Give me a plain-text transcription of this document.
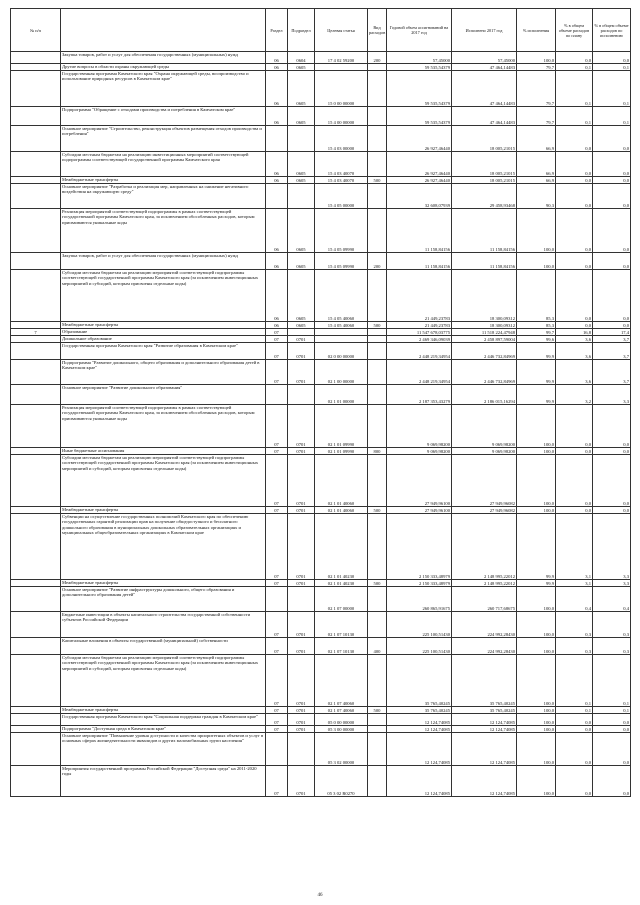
№ п/п		Раздел	Подраздел	Целевая статья	Вид расходов	Годовой объем ассигнований на 2017 год	Исполнено 2017 год	% исполнения	% в общем объеме расходов по плану	% в общем объеме расходов по исполнению
	Закупка товаров, работ и услуг для обеспечения государственных (муниципальных) нужд	06	0604	17 4 02 59200	200	57,45000	57,45000	100,0	0,0	0,0
	Другие вопросы в области охраны окружающей среды	06	0605			59 535,54379	47 464,14483	79,7	0,1	0,1
	Государственная программа Камчатского края "Охрана окружающей среды, воспроизводство и использование природных ресурсов в Камчатском крае"	06	0605	15 0 00 00000		59 535,54379	47 464,14483	79,7	0,1	0,1
	Подпрограмма "Обращение с отходами производства и потребления в Камчатском крае"	06	0605	15 4 00 00000		59 535,54379	47 464,14483	79,7	0,1	0,1
	Основное мероприятие "Строительство, реконструкция объектов размещения отходов производства и потребления"			15 4 03 00000		26 927,46440	18 005,21015	66,9	0,0	0,0
	Субсидии местным бюджетам на реализацию инвестиционных мероприятий соответствующей подпрограммы соответствующей государственной программы Камчатского края	06	0605	15 4 03 40070		26 927,46440	18 005,21015	66,9	0,0	0,0
	Межбюджетные трансферты	06	0605	15 4 03 40070	500	26 927,46440	18 005,21015	66,9	0,0	0,0
	Основное мероприятие "Разработка и реализация мер, направленных на снижение негативного воздействия на окружающую среду"			15 4 05 00000		32 608,07939	29 458,93468	90,3	0,0	0,0
	Реализация мероприятий соответствующей подпрограммы в рамках соответствующей государственной программы Камчатского края, за исключением обособленных расходов, которым присваиваются уникальные коды	06	0605	15 4 05 09990		11 158,84156	11 158,84156	100,0	0,0	0,0
	Закупка товаров, работ и услуг для обеспечения государственных (муниципальных) нужд	06	0605	15 4 05 09990	200	11 158,84156	11 158,84156	100,0	0,0	0,0
	Субсидии местным бюджетам на реализацию мероприятий соответствующей подпрограммы соответствующей государственной программы Камчатского края (за исключением инвестиционных мероприятий и субсидий, которым присвоены отдельные коды)	06	0605	15 4 05 40060		21 449,23783	18 300,09312	85,3	0,0	0,0
	Межбюджетные трансферты	06	0605	15 4 05 40060	500	21 449,23783	18 300,09312	85,3	0,0	0,0
7	Образование	07				11 547 678,03775	11 518 224,47948	99,7	16,8	17,4
	Дошкольное образование	07	0701			2 469 346,09039	2 458 897,59004	99,6	3,6	3,7
	Государственная программа Камчатского края "Развитие образования в Камчатском крае"	07	0701	02 0 00 00000		2 448 219,34954	2 446 732,84969	99,9	3,6	3,7
	Подпрограмма "Развитие дошкольного, общего образования и дополнительного образования детей в Камчатском крае"	07	0701	02 1 00 00000		2 448 219,34954	2 446 732,84969	99,9	3,6	3,7
	Основное мероприятие "Развитие дошкольного образования"			02 1 01 00000		2 187 353,43279	2 186 015,16294	99,9	3,2	3,3
	Реализация мероприятий соответствующей подпрограммы в рамках соответствующей государственной программы Камчатского края, за исключением обособленных расходов, которым присваиваются уникальные коды	07	0701	02 1 01 09990		9 069,98200	9 069,98200	100,0	0,0	0,0
	Иные бюджетные ассигнования	07	0701	02 1 01 09990	800	9 069,98200	9 069,98200	100,0	0,0	0,0
	Субсидии местным бюджетам на реализацию мероприятий соответствующей подпрограммы соответствующей государственной программы Камчатского края (за исключением инвестиционных мероприятий и субсидий, которым присвоены отдельные коды)	07	0701	02 1 01 40060		27 949,96100	27 949,96082	100,0	0,0	0,0
	Межбюджетные трансферты	07	0701	02 1 01 40060	500	27 949,96100	27 949,96082	100,0	0,0	0,0
	Субвенции на осуществление государственных полномочий Камчатского края по обеспечению государственных гарантий реализации прав на получение общедоступного и бесплатного дошкольного образования в муниципальных дошкольных образовательных организациях и муниципальных общеобразовательных организациях в Камчатском крае	07	0701	02 1 01 40230		2 150 333,48979	2 148 995,22012	99,9	3,1	3,3
	Межбюджетные трансферты	07	0701	02 1 01 40230	500	2 150 333,48979	2 148 995,22012	99,9	3,1	3,3
	Основное мероприятие "Развитие инфраструктуры дошкольного, общего образования и дополнительного образования детей"			02 1 07 00000		260 865,91675	260 717,68675	100,0	0,4	0,4
	Бюджетные инвестиции в объекты капитального строительства государственной собственности субъектов Российской Федерации	07	0701	02 1 07 10130		225 100,51430	224 992,28430	100,0	0,3	0,3
	Капитальные вложения в объекты государственной (муниципальной) собственности	07	0701	02 1 07 10130	400	225 100,51430	224 992,28430	100,0	0,3	0,3
	Субсидии местным бюджетам на реализацию мероприятий соответствующей подпрограммы соответствующей государственной программы Камчатского края (за исключением инвестиционных мероприятий и субсидий, которым присвоены отдельные коды)	07	0701	02 1 07 40060		35 765,40245	35 765,40245	100,0	0,1	0,1
	Межбюджетные трансферты	07	0701	02 1 07 40060	500	35 765,40245	35 765,40245	100,0	0,1	0,1
	Государственная программа Камчатского края "Социальная поддержка граждан в Камчатском крае"	07	0701	05 0 00 00000		12 124,74085	12 124,74085	100,0	0,0	0,0
	Подпрограмма "Доступная среда в Камчатском крае"	07	0701	05 3 00 00000		12 124,74085	12 124,74085	100,0	0,0	0,0
	Основное мероприятие "Повышение уровня доступности и качества приоритетных объектов и услуг в основных сферах жизнедеятельности инвалидов и других маломобильных групп населения"			05 3 02 00000		12 124,74085	12 124,74085	100,0	0,0	0,0
	Мероприятия государственной программы Российской Федерации "Доступная среда" на 2011-2020 годы	07	0701	05 3 02 R0270		12 124,74085	12 124,74085	100,0	0,0	0,0
46
